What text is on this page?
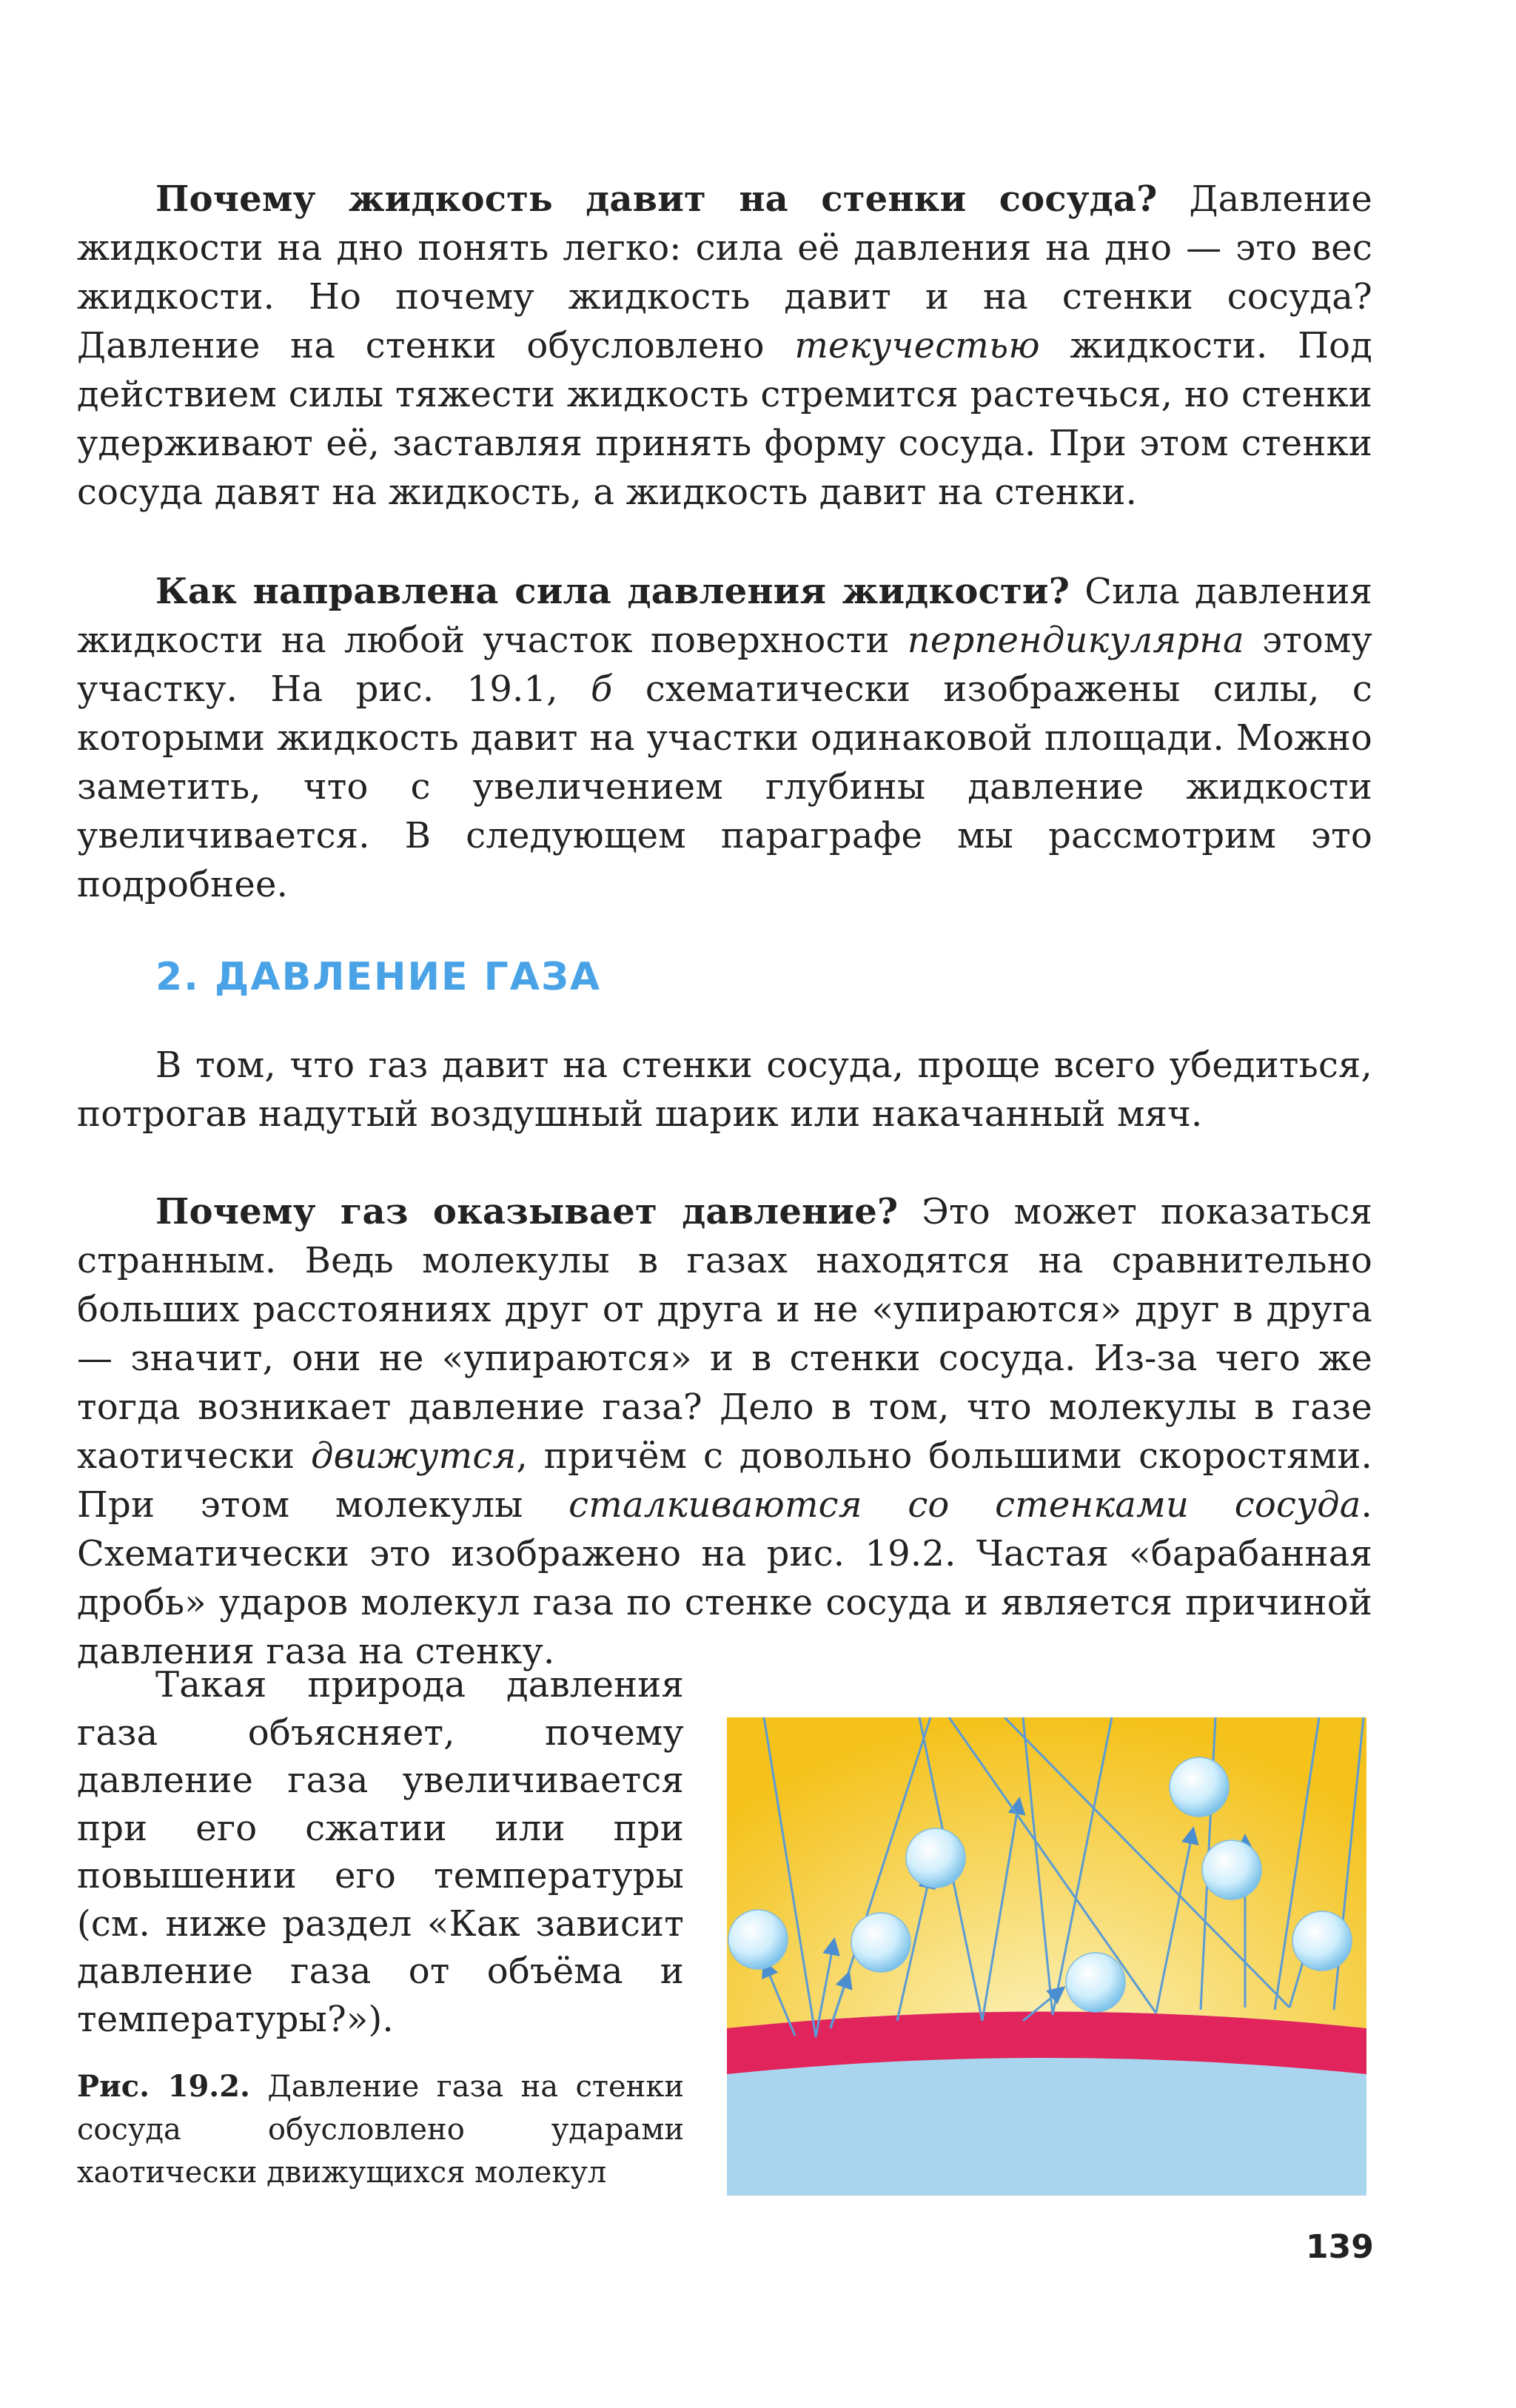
Почему жидкость давит на стенки сосуда? Давление жидкости на дно понять легко: сила её давления на дно — это вес жидкости. Но почему жидкость давит и на стенки сосуда? Давление на стенки обусловлено текучестью жидкости. Под действием силы тяжести жидкость стремится растечься, но стенки удерживают её, заставляя принять форму сосуда. При этом стенки сосуда давят на жидкость, а жидкость давит на стенки.

Как направлена сила давления жидкости? Сила давления жидкости на любой участок поверхности перпендикулярна этому участку. На рис. 19.1, б схематически изображены силы, с которыми жидкость давит на участки одинаковой площади. Можно заметить, что с увеличением глубины давление жидкости увеличивается. В следующем параграфе мы рассмотрим это подробнее.

2. ДАВЛЕНИЕ ГАЗА

В том, что газ давит на стенки сосуда, проще всего убедиться, потрогав надутый воздушный шарик или накачанный мяч.

Почему газ оказывает давление? Это может показаться странным. Ведь молекулы в газах находятся на сравнительно больших расстояниях друг от друга и не «упираются» друг в друга — значит, они не «упираются» и в стенки сосуда. Из-за чего же тогда возникает давление газа? Дело в том, что молекулы в газе хаотически движутся, причём с довольно большими скоростями. При этом молекулы сталкиваются со стенками сосуда. Схематически это изображено на рис. 19.2. Частая «барабанная дробь» ударов молекул газа по стенке сосуда и является причиной давления газа на стенку.

Такая природа давления газа объясняет, почему давление газа увеличивается при его сжатии или при повышении его температуры (см. ниже раздел «Как зависит давление газа от объёма и температуры?»).

Рис. 19.2. Давление газа на стенки сосуда обусловлено ударами хаотически движущихся молекул
139
